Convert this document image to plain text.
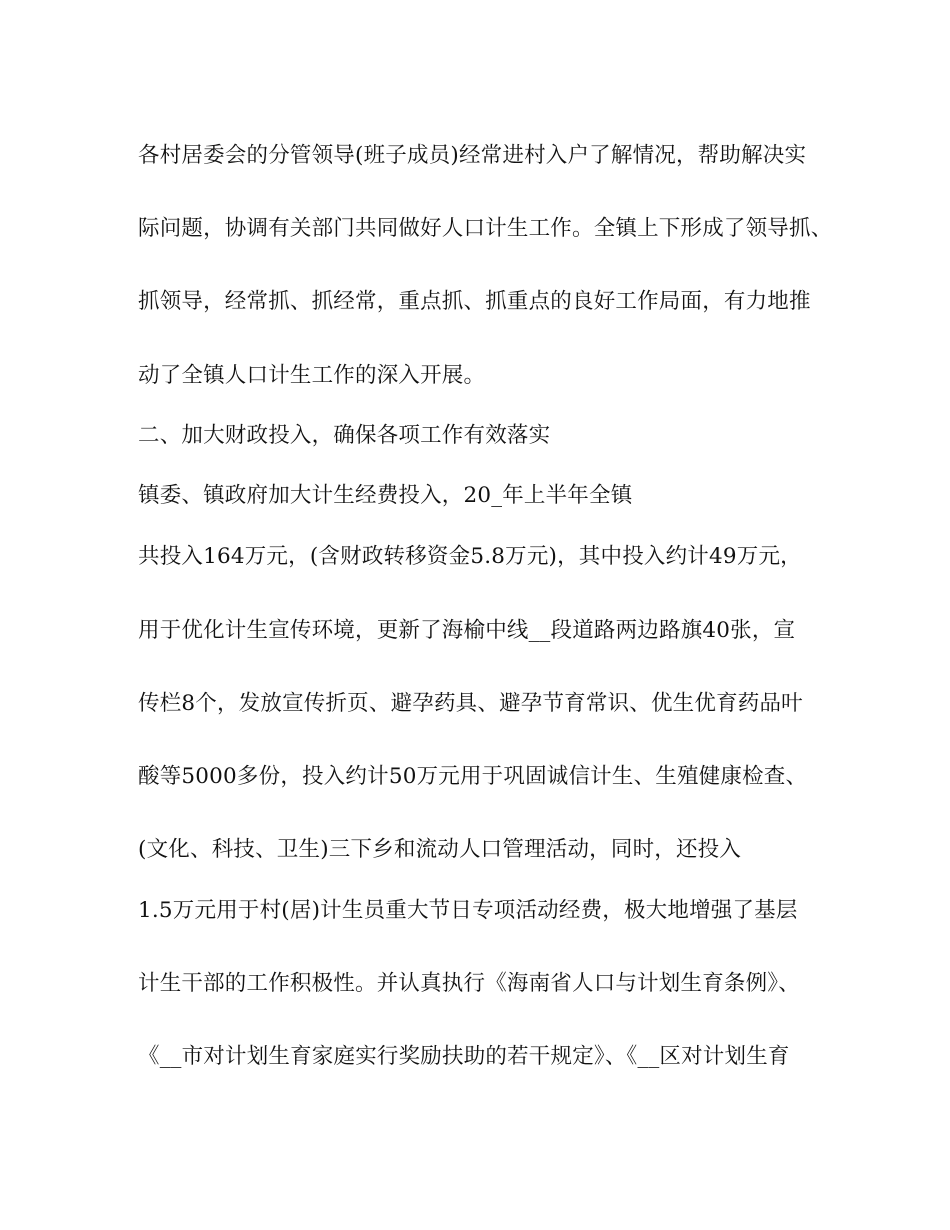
各村居委会的分管领导(班子成员)经常进村入户了解情况，帮助解决实
际问题，协调有关部门共同做好人口计生工作。全镇上下形成了领导抓、
抓领导，经常抓、抓经常，重点抓、抓重点的良好工作局面，有力地推
动了全镇人口计生工作的深入开展。
二、加大财政投入，确保各项工作有效落实
镇委、镇政府加大计生经费投入，20_年上半年全镇
共投入164万元，(含财政转移资金5.8万元)，其中投入约计49万元，
用于优化计生宣传环境，更新了海榆中线__段道路两边路旗40张，宣
传栏8个，发放宣传折页、避孕药具、避孕节育常识、优生优育药品叶
酸等5000多份，投入约计50万元用于巩固诚信计生、生殖健康检查、
(文化、科技、卫生)三下乡和流动人口管理活动，同时，还投入
1.5万元用于村(居)计生员重大节日专项活动经费，极大地增强了基层
计生干部的工作积极性。并认真执行《海南省人口与计划生育条例》、
《__市对计划生育家庭实行奖励扶助的若干规定》、《__区对计划生育
